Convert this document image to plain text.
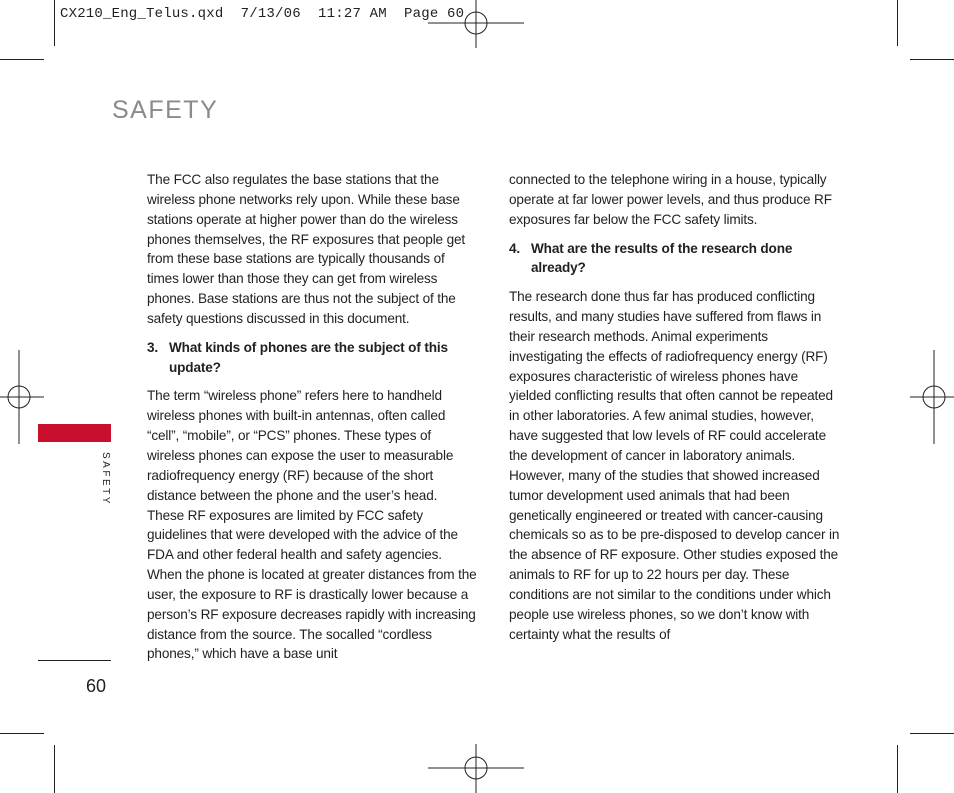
CX210_Eng_Telus.qxd  7/13/06  11:27 AM  Page 60
SAFETY
SAFETY
60

The FCC also regulates the base stations that the wireless phone networks rely upon. While these base stations operate at higher power than do the wireless phones themselves, the RF exposures that people get from these base stations are typically thousands of times lower than those they can get from wireless phones. Base stations are thus not the subject of the safety questions discussed in this document.

3. What kinds of phones are the subject of this update?

The term “wireless phone” refers here to handheld wireless phones with built-in antennas, often called “cell”, “mobile”, or “PCS” phones. These types of wireless phones can expose the user to measurable radiofrequency energy (RF) because of the short distance between the phone and the user’s head. These RF exposures are limited by FCC safety guidelines that were developed with the advice of the FDA and other federal health and safety agencies. When the phone is located at greater distances from the user, the exposure to RF is drastically lower because a person’s RF exposure decreases rapidly with increasing distance from the source. The socalled “cordless phones,” which have a base unit

connected to the telephone wiring in a house, typically operate at far lower power levels, and thus produce RF exposures far below the FCC safety limits.

4. What are the results of the research done already?

The research done thus far has produced conflicting results, and many studies have suffered from flaws in their research methods. Animal experiments investigating the effects of radiofrequency energy (RF) exposures characteristic of wireless phones have yielded conflicting results that often cannot be repeated in other laboratories. A few animal studies, however, have suggested that low levels of RF could accelerate the development of cancer in laboratory animals. However, many of the studies that showed increased tumor development used animals that had been genetically engineered or treated with cancer-causing chemicals so as to be pre-disposed to develop cancer in the absence of RF exposure. Other studies exposed the animals to RF for up to 22 hours per day. These conditions are not similar to the conditions under which people use wireless phones, so we don’t know with certainty what the results of
